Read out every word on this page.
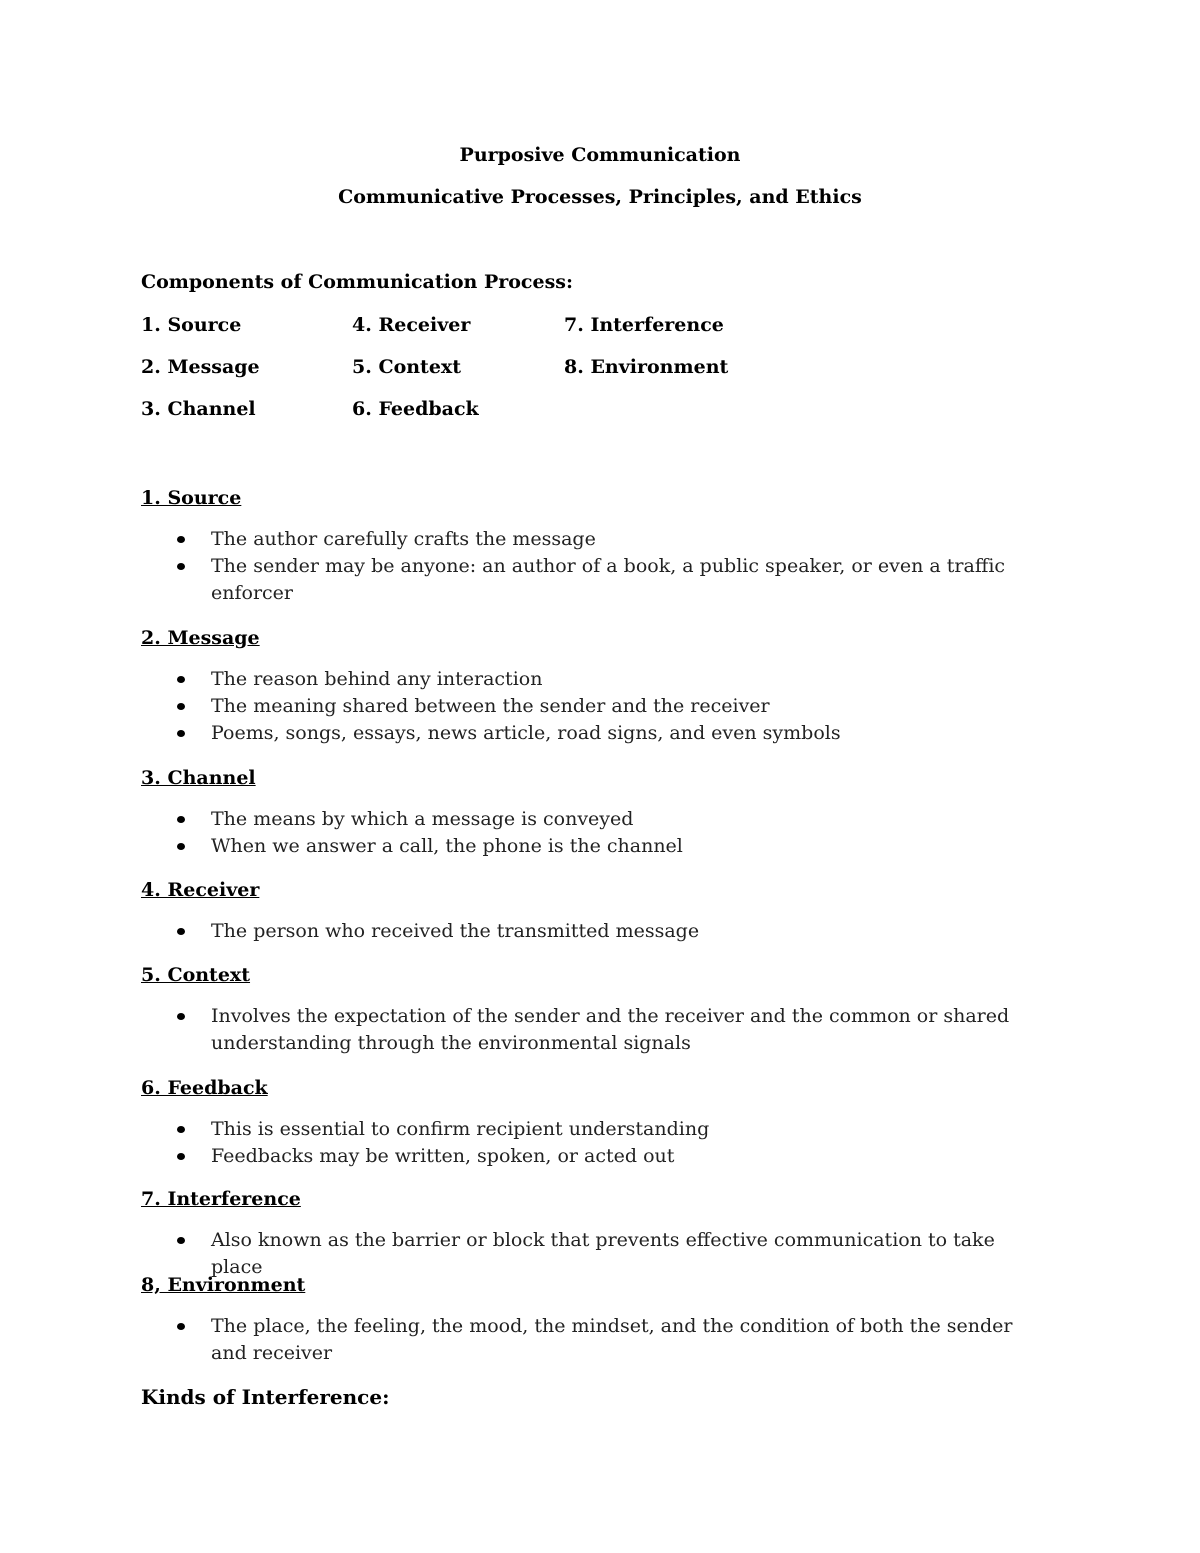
Purposive Communication
Communicative Processes, Principles, and Ethics
Components of Communication Process:
1. Source
2. Message
3. Channel
4. Receiver
5. Context
6. Feedback
7. Interference
8. Environment
1. Source
The author carefully crafts the message
The sender may be anyone: an author of a book, a public speaker, or even a traffic enforcer
2. Message
The reason behind any interaction
The meaning shared between the sender and the receiver
Poems, songs, essays, news article, road signs, and even symbols
3. Channel
The means by which a message is conveyed
When we answer a call, the phone is the channel
4. Receiver
The person who received the transmitted message
5. Context
Involves the expectation of the sender and the receiver and the common or shared understanding through the environmental signals
6. Feedback
This is essential to confirm recipient understanding
Feedbacks may be written, spoken, or acted out
7. Interference
Also known as the barrier or block that prevents effective communication to take place
8, Environment
The place, the feeling, the mood, the mindset, and the condition of both the sender and receiver
Kinds of Interference:
